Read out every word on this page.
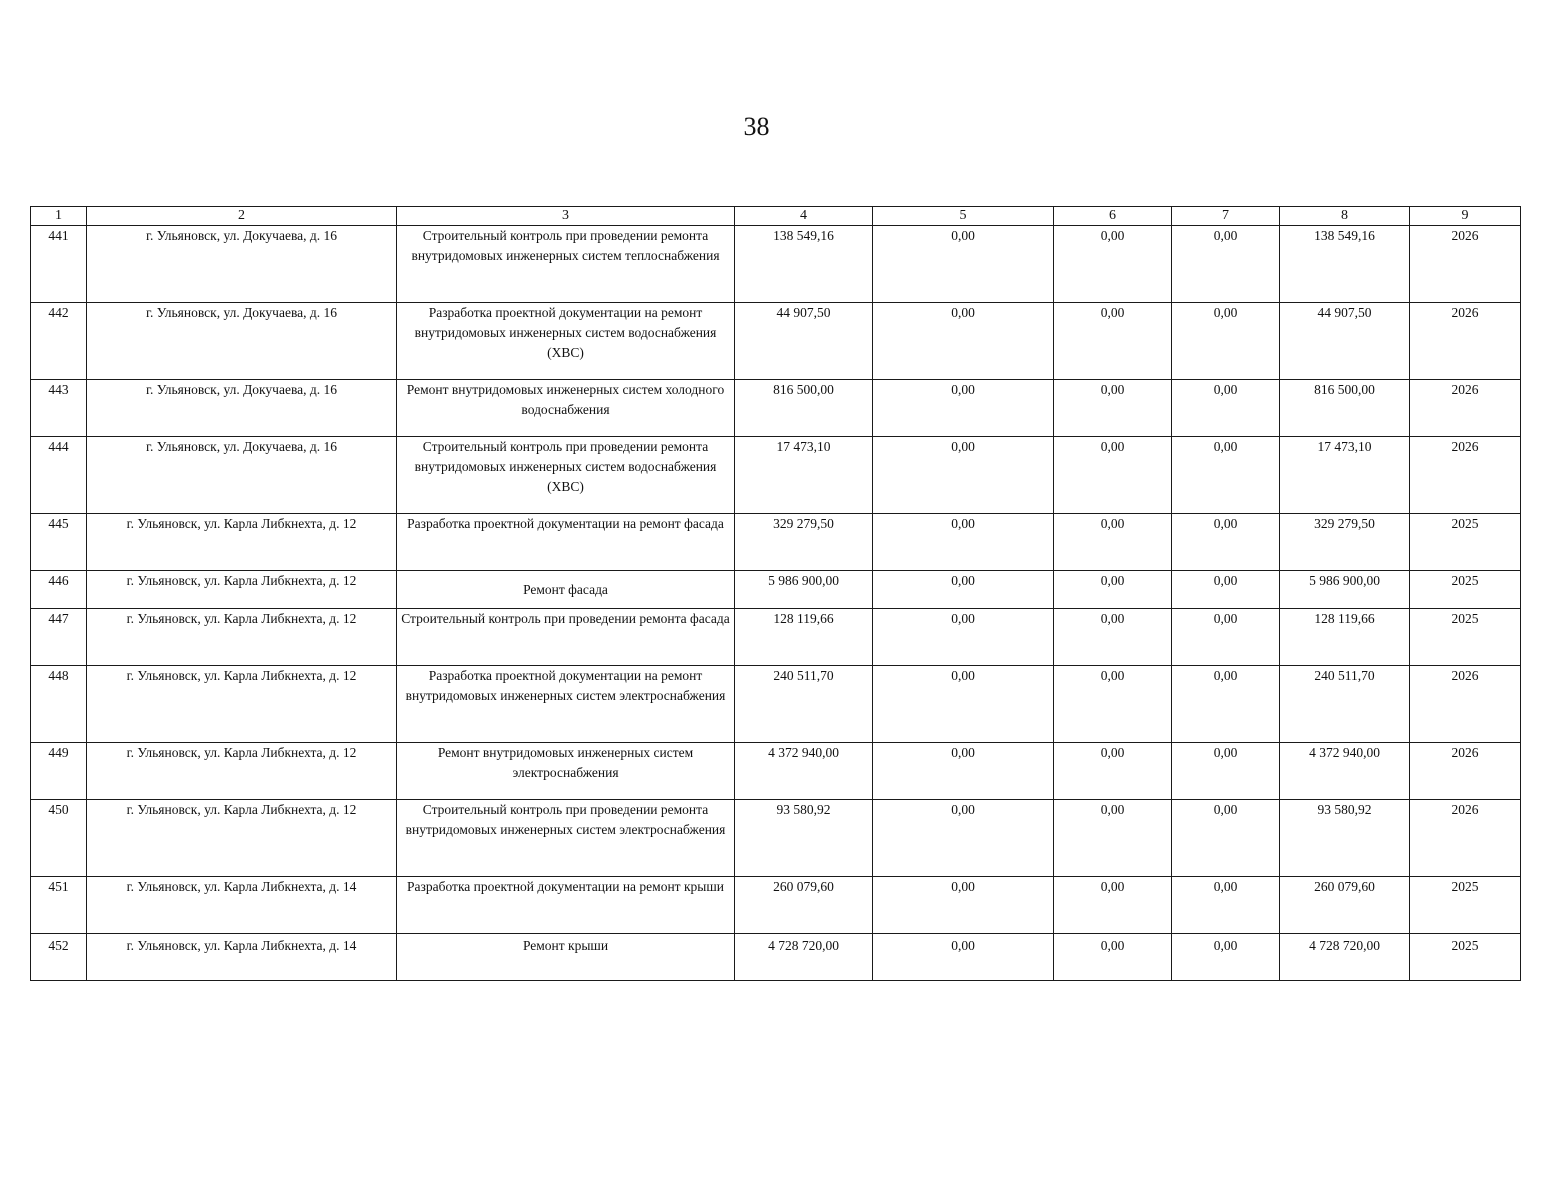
38
1	2	3	4	5	6	7	8	9
441	г. Ульяновск, ул. Докучаева, д. 16	Строительный контроль при проведении ремонта внутридомовых инженерных систем теплоснабжения	138 549,16	0,00	0,00	0,00	138 549,16	2026
442	г. Ульяновск, ул. Докучаева, д. 16	Разработка проектной документации на ремонт внутридомовых инженерных систем водоснабжения (ХВС)	44 907,50	0,00	0,00	0,00	44 907,50	2026
443	г. Ульяновск, ул. Докучаева, д. 16	Ремонт внутридомовых инженерных систем холодного водоснабжения	816 500,00	0,00	0,00	0,00	816 500,00	2026
444	г. Ульяновск, ул. Докучаева, д. 16	Строительный контроль при проведении ремонта внутридомовых инженерных систем водоснабжения (ХВС)	17 473,10	0,00	0,00	0,00	17 473,10	2026
445	г. Ульяновск, ул. Карла Либкнехта, д. 12	Разработка проектной документации на ремонт фасада	329 279,50	0,00	0,00	0,00	329 279,50	2025
446	г. Ульяновск, ул. Карла Либкнехта, д. 12	Ремонт фасада	5 986 900,00	0,00	0,00	0,00	5 986 900,00	2025
447	г. Ульяновск, ул. Карла Либкнехта, д. 12	Строительный контроль при проведении ремонта фасада	128 119,66	0,00	0,00	0,00	128 119,66	2025
448	г. Ульяновск, ул. Карла Либкнехта, д. 12	Разработка проектной документации на ремонт внутридомовых инженерных систем электроснабжения	240 511,70	0,00	0,00	0,00	240 511,70	2026
449	г. Ульяновск, ул. Карла Либкнехта, д. 12	Ремонт внутридомовых инженерных систем электроснабжения	4 372 940,00	0,00	0,00	0,00	4 372 940,00	2026
450	г. Ульяновск, ул. Карла Либкнехта, д. 12	Строительный контроль при проведении ремонта внутридомовых инженерных систем электроснабжения	93 580,92	0,00	0,00	0,00	93 580,92	2026
451	г. Ульяновск, ул. Карла Либкнехта, д. 14	Разработка проектной документации на ремонт крыши	260 079,60	0,00	0,00	0,00	260 079,60	2025
452	г. Ульяновск, ул. Карла Либкнехта, д. 14	Ремонт крыши	4 728 720,00	0,00	0,00	0,00	4 728 720,00	2025
